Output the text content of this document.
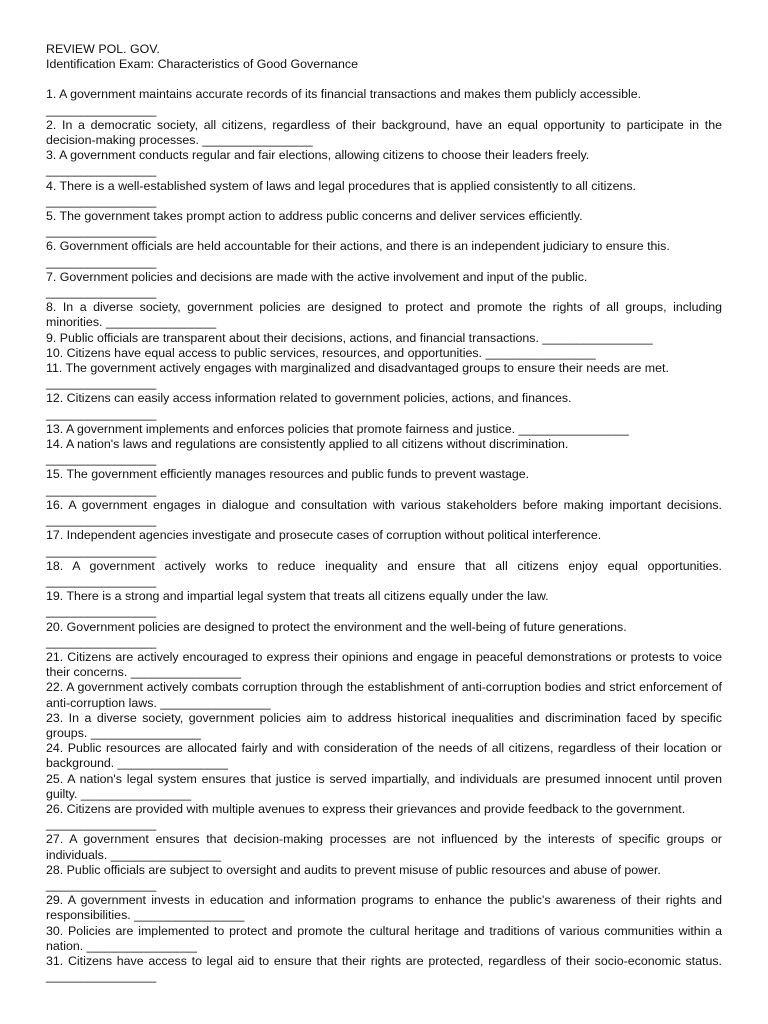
REVIEW POL. GOV.

Identification Exam: Characteristics of Good Governance

1. A government maintains accurate records of its financial transactions and makes them publicly accessible.
________________

2. In a democratic society, all citizens, regardless of their background, have an equal opportunity to participate in the decision-making processes. ________________

3. A government conducts regular and fair elections, allowing citizens to choose their leaders freely.
________________

4. There is a well-established system of laws and legal procedures that is applied consistently to all citizens.
________________

5. The government takes prompt action to address public concerns and deliver services efficiently.
________________

6. Government officials are held accountable for their actions, and there is an independent judiciary to ensure this.
________________

7. Government policies and decisions are made with the active involvement and input of the public.
________________

8. In a diverse society, government policies are designed to protect and promote the rights of all groups, including minorities. ________________

9. Public officials are transparent about their decisions, actions, and financial transactions. ________________

10. Citizens have equal access to public services, resources, and opportunities. ________________

11. The government actively engages with marginalized and disadvantaged groups to ensure their needs are met.
________________

12. Citizens can easily access information related to government policies, actions, and finances.
________________

13. A government implements and enforces policies that promote fairness and justice. ________________

14. A nation's laws and regulations are consistently applied to all citizens without discrimination.
________________

15. The government efficiently manages resources and public funds to prevent wastage.
________________

16. A government engages in dialogue and consultation with various stakeholders before making important decisions. ________________

17. Independent agencies investigate and prosecute cases of corruption without political interference.
________________

18. A government actively works to reduce inequality and ensure that all citizens enjoy equal opportunities. ________________

19. There is a strong and impartial legal system that treats all citizens equally under the law.
________________

20. Government policies are designed to protect the environment and the well-being of future generations.
________________

21. Citizens are actively encouraged to express their opinions and engage in peaceful demonstrations or protests to voice their concerns. ________________

22. A government actively combats corruption through the establishment of anti-corruption bodies and strict enforcement of anti-corruption laws. ________________

23. In a diverse society, government policies aim to address historical inequalities and discrimination faced by specific groups. ________________

24. Public resources are allocated fairly and with consideration of the needs of all citizens, regardless of their location or background. ________________

25. A nation's legal system ensures that justice is served impartially, and individuals are presumed innocent until proven guilty. ________________

26. Citizens are provided with multiple avenues to express their grievances and provide feedback to the government.
________________

27. A government ensures that decision-making processes are not influenced by the interests of specific groups or individuals. ________________

28. Public officials are subject to oversight and audits to prevent misuse of public resources and abuse of power.
________________

29. A government invests in education and information programs to enhance the public's awareness of their rights and responsibilities. ________________

30. Policies are implemented to protect and promote the cultural heritage and traditions of various communities within a nation. ________________

31. Citizens have access to legal aid to ensure that their rights are protected, regardless of their socio-economic status. ________________
